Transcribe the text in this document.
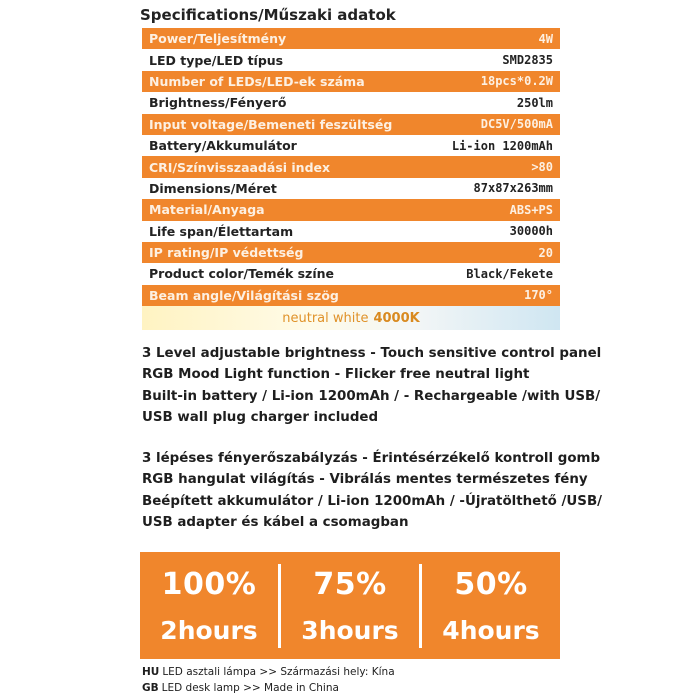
Specifications/Műszaki adatok
Power/Teljesítmény	4W
LED type/LED típus	SMD2835
Number of LEDs/LED-ek száma	18pcs*0.2W
Brightness/Fényerő	250lm
Input voltage/Bemeneti feszültség	DC5V/500mA
Battery/Akkumulátor	Li-ion 1200mAh
CRI/Színvisszaadási index	>80
Dimensions/Méret	87x87x263mm
Material/Anyaga	ABS+PS
Life span/Élettartam	30000h
IP rating/IP védettség	20
Product color/Temék színe	Black/Fekete
Beam angle/Világítási szög	170°
neutral white 4000K
3 Level adjustable brightness - Touch sensitive control panel
RGB Mood Light function - Flicker free neutral light
Built-in battery / Li-ion 1200mAh / - Rechargeable /with USB/
USB wall plug charger included
3 lépéses fényerőszabályzás - Érintésérzékelő kontroll gomb
RGB hangulat világítás - Vibrálás mentes természetes fény
Beépített akkumulátor / Li-ion 1200mAh / -Újratölthető /USB/
USB adapter és kábel a csomagban
100%
2hours
75%
3hours
50%
4hours
HU LED asztali lámpa >> Származási hely: Kína
GB LED desk lamp >> Made in China
